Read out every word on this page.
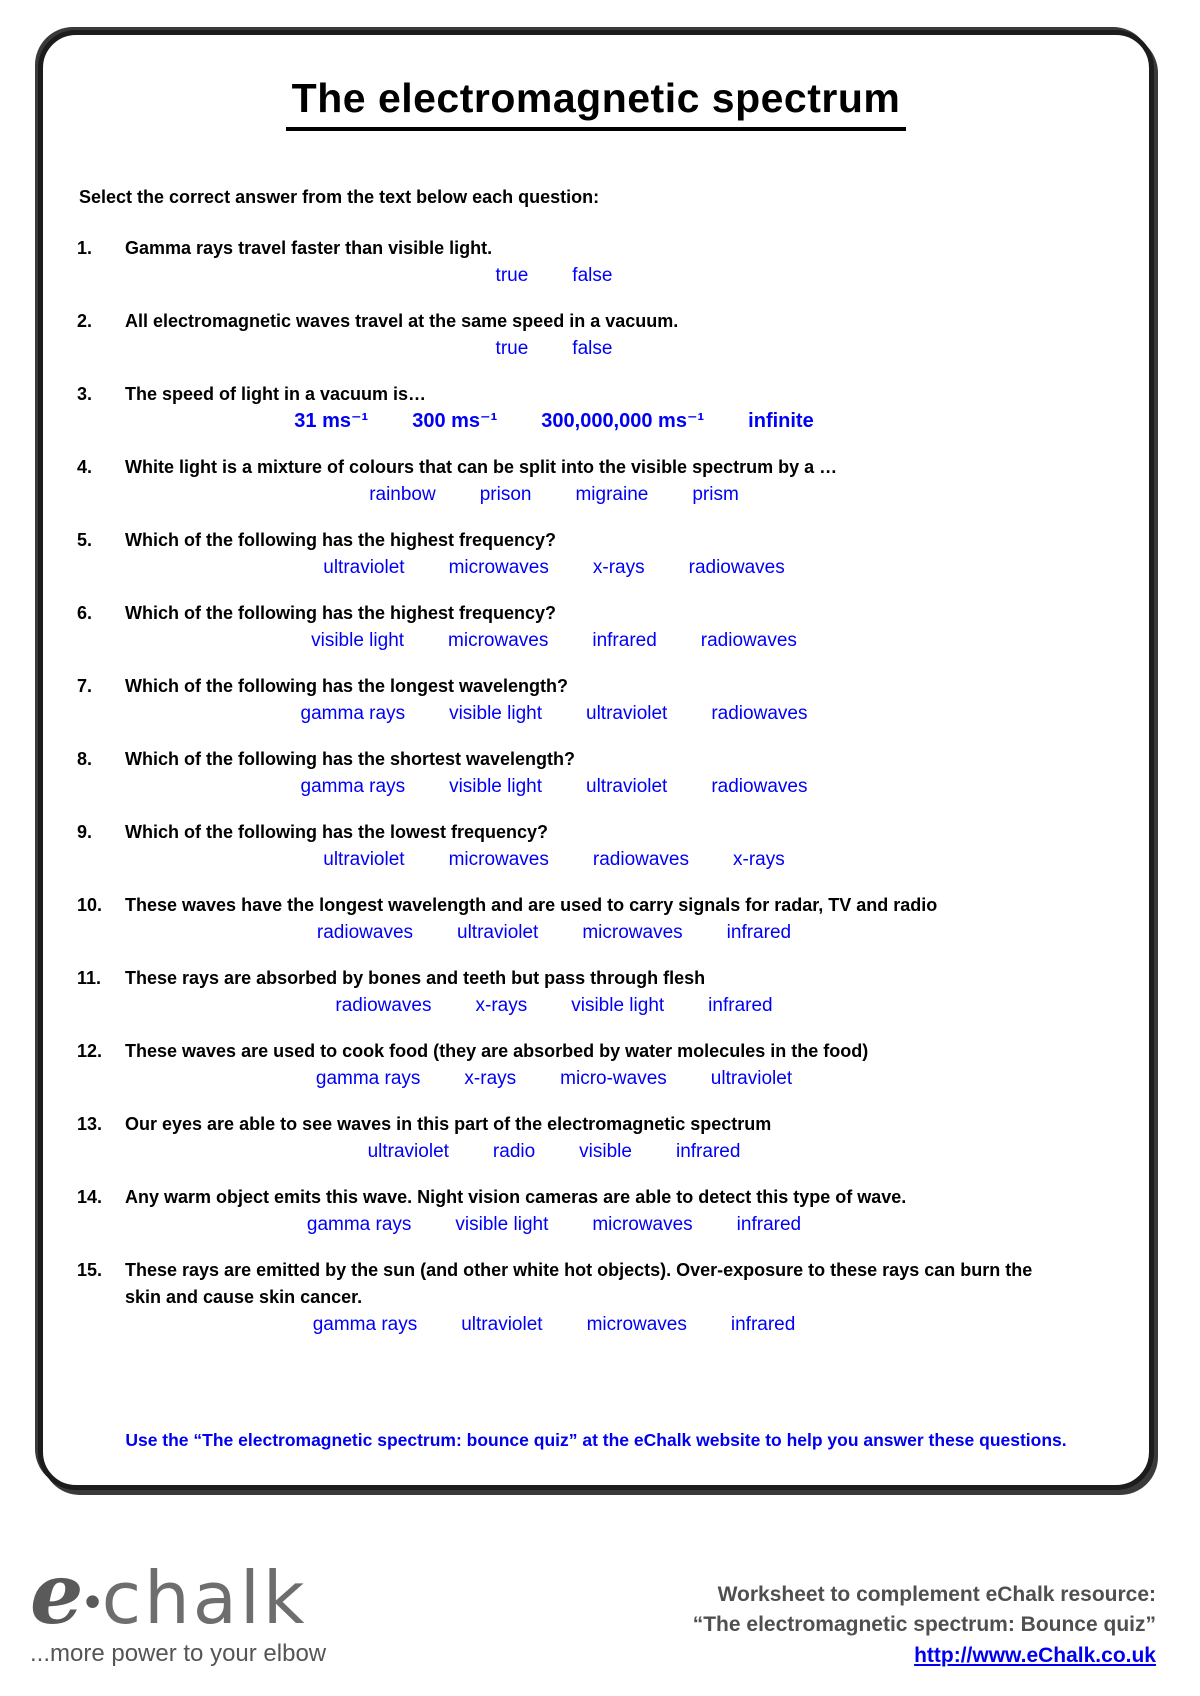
The electromagnetic spectrum

Select the correct answer from the text below each question:

1.	Gamma rays travel faster than visible light.
true false
2.	All electromagnetic waves travel at the same speed in a vacuum.
true false
3.	The speed of light in a vacuum is…
31 ms⁻¹ 300 ms⁻¹ 300,000,000 ms⁻¹ infinite
4.	White light is a mixture of colours that can be split into the visible spectrum by a …
rainbow prison migraine prism
5.	Which of the following has the highest frequency?
ultraviolet microwaves x-rays radiowaves
6.	Which of the following has the highest frequency?
visible light microwaves infrared radiowaves
7.	Which of the following has the longest wavelength?
gamma rays visible light ultraviolet radiowaves
8.	Which of the following has the shortest wavelength?
gamma rays visible light ultraviolet radiowaves
9.	Which of the following has the lowest frequency?
ultraviolet microwaves radiowaves x-rays
10.	These waves have the longest wavelength and are used to carry signals for radar, TV and radio
radiowaves ultraviolet microwaves infrared
11.	These rays are absorbed by bones and teeth but pass through flesh
radiowaves x-rays visible light infrared
12.	These waves are used to cook food (they are absorbed by water molecules in the food)
gamma rays x-rays micro-waves ultraviolet
13.	Our eyes are able to see waves in this part of the electromagnetic spectrum
ultraviolet radio visible infrared
14.	Any warm object emits this wave. Night vision cameras are able to detect this type of wave.
gamma rays visible light microwaves infrared
15.	These rays are emitted by the sun (and other white hot objects). Over-exposure to these rays can burn the skin and cause skin cancer.
gamma rays ultraviolet microwaves infrared

Use the “The electromagnetic spectrum: bounce quiz” at the eChalk website to help you answer these questions.

e•chalk
...more power to your elbow
Worksheet to complement eChalk resource:
“The electromagnetic spectrum: Bounce quiz”
http://www.eChalk.co.uk
